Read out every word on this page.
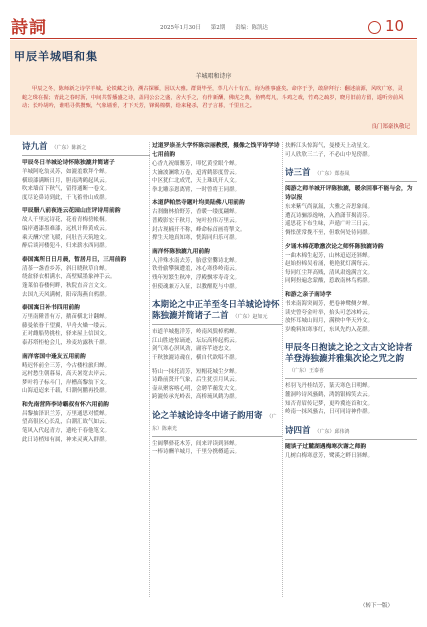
詩詞	2025年1月30日 第2期 责编：陈凯达	10
甲辰羊城唱和集
羊城唱和诗序
甲辰之冬，陈师新之诗学羊城。论铁藏之诗，溯古探雁，因以大雅。群贤毕至，萃几六十有五，询为胜事盛矣。命序于予，敢辞拜行：翻述前源，风吹广寒，灵蛇之珠在握；青此之春时沥，中间共誓播盛之诗，盖同公公之盛，舍大手之，有作新酬，佛虎之典，鱼鸭莺凡，斗鸡之戏，竹鸡之疏岁，晓月旧前方留，遥听旁前风动；长吟胡吟，谁唱寻供攒甄，气象墙垂，才下天芳，锋渴棉横，给来秘杀，君子言暮，千里且之。
良门郑豪执敬记
诗九首 （广东）陈新之
甲辰冬日羊城论诗怀陈独漉并简诸子
羊城阿吃翁灵苏，如漉羞歌拜个蝉。
横琅漆满断日月，胆南鸿鹤起风云。
吹来墙首下秋气，留得通断一卷文。
度尽论鼻诗到此，千飞蓄骨山成群。
甲辰腊八前夜连云花园山庄评诗用前韵
故人千里远诗花，花看青梅傍帐桐。
编岸遇漆墨难漆，远机计释黄成云。
乘天酬穴壁飞暖，问肚吾天筑地文。
醉后谈河楼犯斗，归来薪水西同群。
泰国寓所日日月晨，暂居月日，三用前韵
清茶一盏香乡苏，斜日晓秋草自蝉。
绕盆驿衣相满水，高壁赋墨象神手云。
蓬莱伯春楼何畔，秋院直音言文文。
去国九天风满树，阳帝海燕自鸦群。
泰国寓日补书四用前韵
万里南陲普有万，鹅苗横北计翻蝉。
藤曼依眷千望翼，早舟火燥一缕云。
正对雌船势挑柱，驿来屋上信国文。
泰苏塔柜枪会儿，珍麦坊露秋千群。
南洋客国中逢友五用前韵
畴迟怀前全三芳，今古楼柱旅归蝉。
远村愁生朝暮易，高天暑宽去岸云。
梦叶将子标斗门，岸槽高黎翁下文。
山海迢迢来千载，归潮何鹏再投群。
和先南营阵李诗霸叔有怀六用前韵
昌黎抽泽识兰芳，万里通思对慌蝉。
望高很区心长乱，白潮汇故气如云。
笔风入代起青方，遗纶千春他笔文。
此日诗梢知有属，神来灵爽入群群。
过道罗崇圣大学怀陈宗丽教授，摄像之饯平诗学诗七用前韵
心香九祝细馨芳，叩忆黄堂眼个蝉。
大瀹波澜歌万卷，迢霄鹤影度曾云。
中区犹仁北成咒，天上珠玑开人文。
拳北雕亲恩离臂，一时曾将王同群。
本道萨帕然寺题叶均美陆佛八用前韵
古刹幽林拾野芳，香暖一缕度翩蝉。
普殿影宏千秋月，宛叶拉伟万里云。
封古现楠开不称，峰命标首画将掣文。
撑生天地真知寒，恍海同归乐可群。
南洋怀陈独漉九用前韵
人洋殊水南去芳，胎意堂爨诗北蝉。
铁骨偷攀频遭羞，冰心寒侈岭南云。
残年短繁生秋冲，浮殿飘零寿奇文。
但使魂兼万入征，以教醒乾与中群。
本期论之中正羊至冬日羊城论诗怀陈独漉并简诸子二首 （广东）赵如元
市道羊城抱洋芳，岭南风鬓棹鸦蝉。
江山胜迹惊谪迹，坛坛高桥起鸦云。
剑气寒心溟风劲，庸容芊迹忠文。
千秋独漉诗魂在，横自代欲唱不群。
特山一抹托清芳，短帽花城尘夕蝉。
诗路前贤开气象，后生犹引月风云。
壶从聚客喀心明，会聘芊蘅发大文。
跨漉传承光岭表，高桥琉风鹤为群。
论之羊城论诗冬中诸子韵用寄 （广东）陈素光
尘阔攀驿花木芳，间来评读到斜蝉。
一棒诗酬羊城月，千里分携樽遥云。
扶醉江头惊海气，曼楼天上动星文。
可人欣欣三二子，不必山中见傍群。
诗三首 （广东）郑春凤
阅游之师羊城开评陈独漉，暖余回事不能与会，为诗以报
东来紫气尚氤氲，大雅之音思象闻。
遭瓦诗骊添逸响，入渔潇节揭清芬。
遥思花下布生味，声遁广叶三日云。
惆怅蔗常挽不至，但歌何处待同群。
夕诵木棉花歌激次论之师怀陈独漉诗韵
一曲木棉生起芳，山林迢迢还斜蝉。
赵始扮棉吴看涌，艳艳犹灯满每云。
每同红尘拜高贱，清风肃逸满言文。
同阿扮遍念蒙酸，惹敢南林鸟鸦群。
和游之亲子南诗学
书来南海突阔芳，把卷神鹭侧夕蝉。
读史曾夸金叶举，抬头可恙冰岭云。
放怀耳城山间月，满秧中华天外文。
岁晚料知寒事红，东风先约入花群。
甲辰冬日抱读之论之文古文论诗者羊登涛独漉并雅集次论之咒之韵（广东）王泰喜
杉羽飞丹桂结芳，篆天寒色日明蝉。
麓洞吟诗风骚鹤，鸿鹄银棉笑去云。
知否青眉传记梦，更吟冀连首和文。
岭南一抹风骚古，日可同诗神作群。
诗四首 （广东）邱伟鸿
随谈子过麓湖遇梅寒次谢之师韵
几树白梅寒意芳，鹭溪之畔日斜蝉。
（转下一版）
